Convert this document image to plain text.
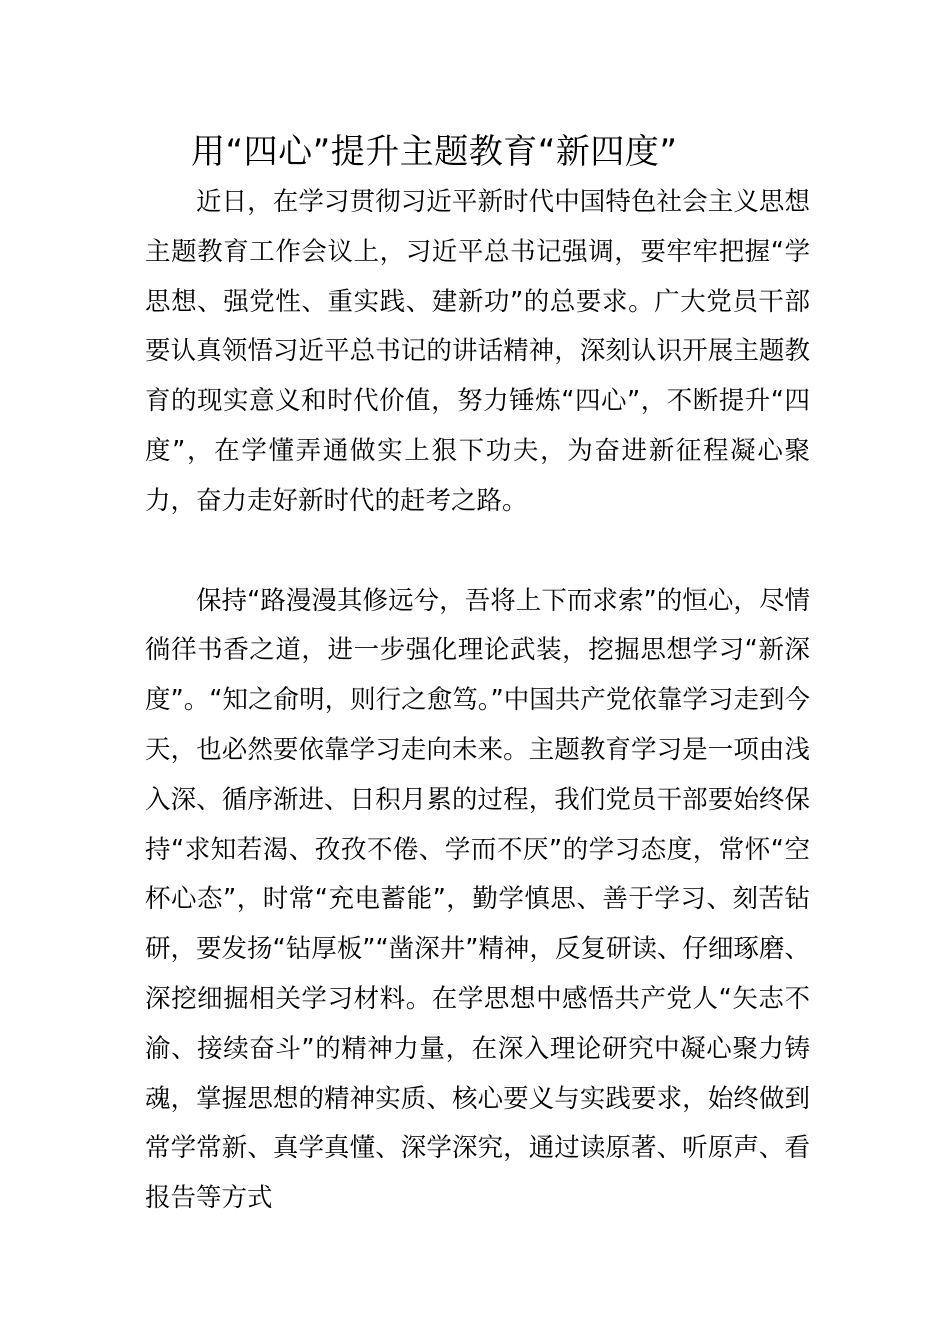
用“四心”提升主题教育“新四度”

近日，在学习贯彻习近平新时代中国特色社会主义思想主题教育工作会议上，习近平总书记强调，要牢牢把握“学思想、强党性、重实践、建新功”的总要求。广大党员干部要认真领悟习近平总书记的讲话精神，深刻认识开展主题教育的现实意义和时代价值，努力锤炼“四心”，不断提升“四度”，在学懂弄通做实上狠下功夫，为奋进新征程凝心聚力，奋力走好新时代的赶考之路。

保持“路漫漫其修远兮，吾将上下而求索”的恒心，尽情徜徉书香之道，进一步强化理论武装，挖掘思想学习“新深度”。“知之俞明，则行之愈笃。”中国共产党依靠学习走到今天，也必然要依靠学习走向未来。主题教育学习是一项由浅入深、循序渐进、日积月累的过程，我们党员干部要始终保持“求知若渴、孜孜不倦、学而不厌”的学习态度，常怀“空杯心态”，时常“充电蓄能”，勤学慎思、善于学习、刻苦钻研，要发扬“钻厚板”“凿深井”精神，反复研读、仔细琢磨、深挖细掘相关学习材料。在学思想中感悟共产党人“矢志不渝、接续奋斗”的精神力量，在深入理论研究中凝心聚力铸魂，掌握思想的精神实质、核心要义与实践要求，始终做到常学常新、真学真懂、深学深究，通过读原著、听原声、看报告等方式
